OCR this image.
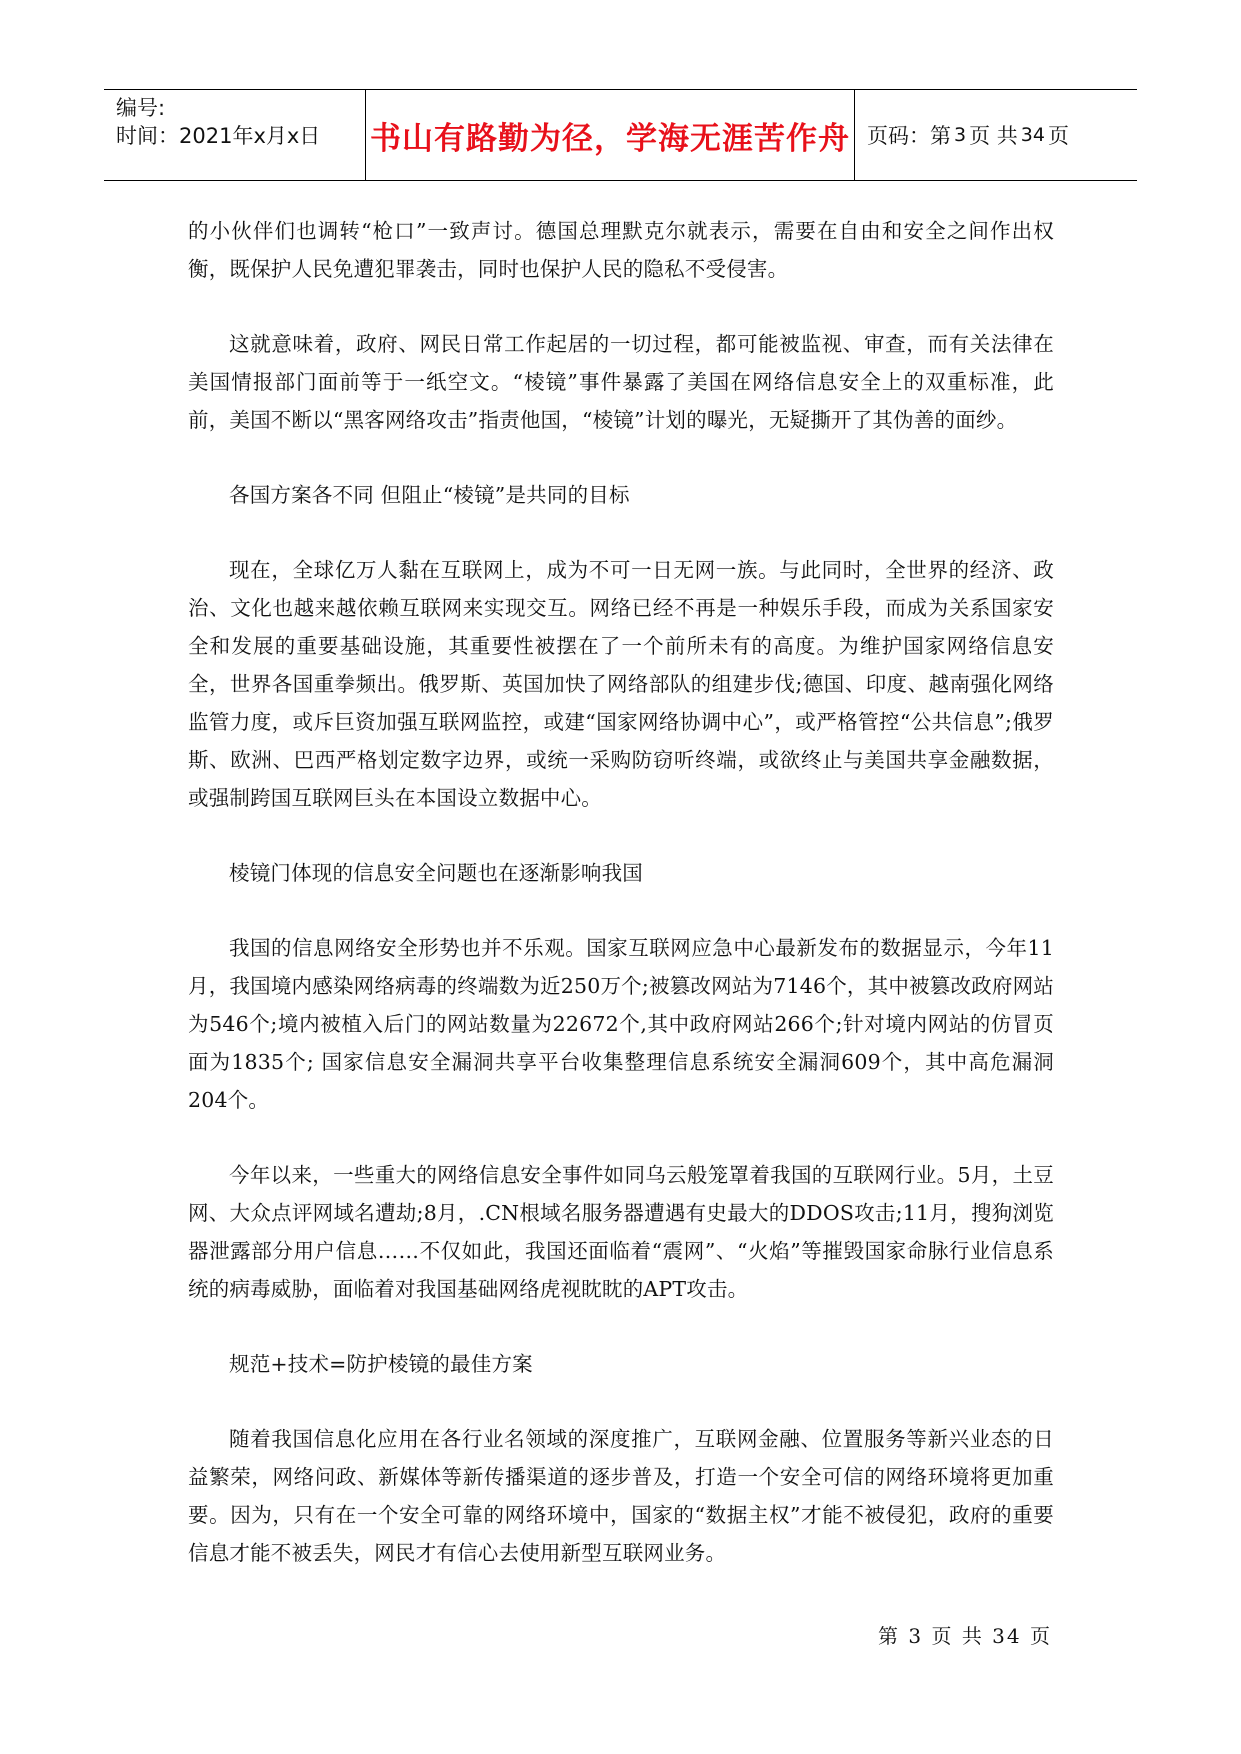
编号:
时间：2021年x月x日	书山有路勤为径，学海无涯苦作舟 页码：第 3 页 共 34 页

的小伙伴们也调转“枪口”一致声讨。德国总理默克尔就表示，需要在自由和安全之间作出权衡，既保护人民免遭犯罪袭击，同时也保护人民的隐私不受侵害。

这就意味着，政府、网民日常工作起居的一切过程，都可能被监视、审查，而有关法律在美国情报部门面前等于一纸空文。“棱镜”事件暴露了美国在网络信息安全上的双重标准，此前，美国不断以“黑客网络攻击”指责他国，“棱镜”计划的曝光，无疑撕开了其伪善的面纱。

各国方案各不同 但阻止“棱镜”是共同的目标

现在，全球亿万人黏在互联网上，成为不可一日无网一族。与此同时，全世界的经济、政治、文化也越来越依赖互联网来实现交互。网络已经不再是一种娱乐手段，而成为关系国家安全和发展的重要基础设施，其重要性被摆在了一个前所未有的高度。为维护国家网络信息安全，世界各国重拳频出。俄罗斯、英国加快了网络部队的组建步伐;德国、印度、越南强化网络监管力度，或斥巨资加强互联网监控，或建“国家网络协调中心”，或严格管控“公共信息”;俄罗斯、欧洲、巴西严格划定数字边界，或统一采购防窃听终端，或欲终止与美国共享金融数据，或强制跨国互联网巨头在本国设立数据中心。

棱镜门体现的信息安全问题也在逐渐影响我国

我国的信息网络安全形势也并不乐观。国家互联网应急中心最新发布的数据显示，今年11月，我国境内感染网络病毒的终端数为近250万个;被篡改网站为7146个，其中被篡改政府网站为546个;境内被植入后门的网站数量为22672个,其中政府网站266个;针对境内网站的仿冒页面为1835个; 国家信息安全漏洞共享平台收集整理信息系统安全漏洞609个，其中高危漏洞204个。

今年以来，一些重大的网络信息安全事件如同乌云般笼罩着我国的互联网行业。5月，土豆网、大众点评网域名遭劫;8月，.CN根域名服务器遭遇有史最大的DDOS攻击;11月，搜狗浏览器泄露部分用户信息……不仅如此，我国还面临着“震网”、“火焰”等摧毁国家命脉行业信息系统的病毒威胁，面临着对我国基础网络虎视眈眈的APT攻击。

规范+技术=防护棱镜的最佳方案

随着我国信息化应用在各行业名领域的深度推广，互联网金融、位置服务等新兴业态的日益繁荣，网络问政、新媒体等新传播渠道的逐步普及，打造一个安全可信的网络环境将更加重要。因为，只有在一个安全可靠的网络环境中，国家的“数据主权”才能不被侵犯，政府的重要信息才能不被丢失，网民才有信心去使用新型互联网业务。

第 3 页 共 34 页
